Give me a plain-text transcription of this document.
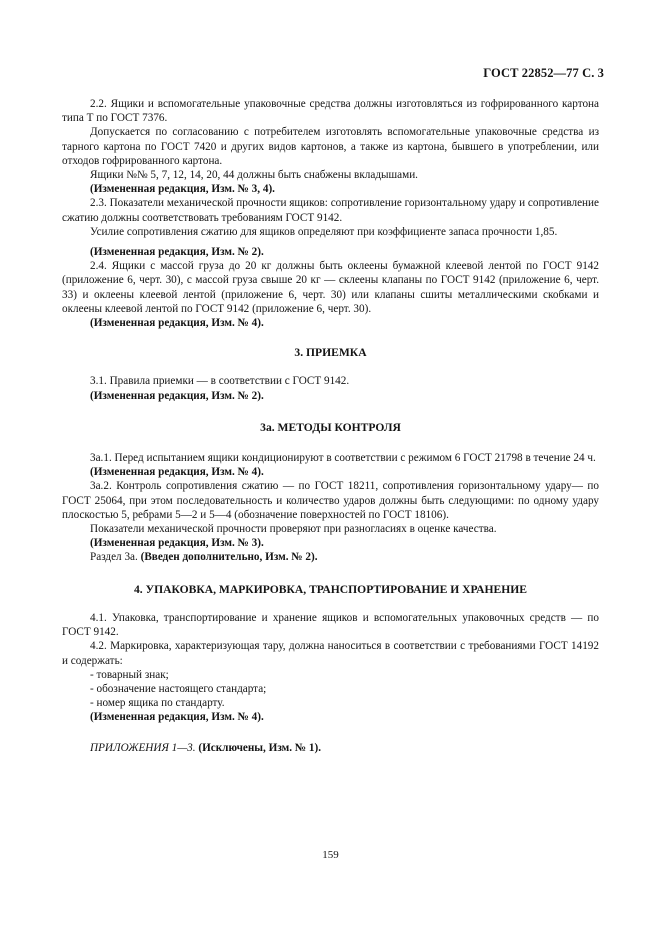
ГОСТ 22852—77 С. 3

2.2. Ящики и вспомогательные упаковочные средства должны изготовляться из гофрированного картона типа Т по ГОСТ 7376.

Допускается по согласованию с потребителем изготовлять вспомогательные упаковочные средства из тарного картона по ГОСТ 7420 и других видов картонов, а также из картона, бывшего в употреблении, или отходов гофрированного картона.

Ящики №№ 5, 7, 12, 14, 20, 44 должны быть снабжены вкладышами.

(Измененная редакция, Изм. № 3, 4).

2.3. Показатели механической прочности ящиков: сопротивление горизонтальному удару и сопротивление сжатию должны соответствовать требованиям ГОСТ 9142.

Усилие сопротивления сжатию для ящиков определяют при коэффициенте запаса прочности 1,85.

(Измененная редакция, Изм. № 2).

2.4. Ящики с массой груза до 20 кг должны быть оклеены бумажной клеевой лентой по ГОСТ 9142 (приложение 6, черт. 30), с массой груза свыше 20 кг — склеены клапаны по ГОСТ 9142 (приложение 6, черт. 33) и оклеены клеевой лентой (приложение 6, черт. 30) или клапаны сшиты металлическими скобками и оклеены клеевой лентой по ГОСТ 9142 (приложение 6, черт. 30).

(Измененная редакция, Изм. № 4).

3. ПРИЕМКА

3.1. Правила приемки — в соответствии с ГОСТ 9142.

(Измененная редакция, Изм. № 2).

3а. МЕТОДЫ КОНТРОЛЯ

3а.1. Перед испытанием ящики кондиционируют в соответствии с режимом 6 ГОСТ 21798 в течение 24 ч.

(Измененная редакция, Изм. № 4).

3а.2. Контроль сопротивления сжатию — по ГОСТ 18211, сопротивления горизонтальному удару— по ГОСТ 25064, при этом последовательность и количество ударов должны быть следующими: по одному удару плоскостью 5, ребрами 5—2 и 5—4 (обозначение поверхностей по ГОСТ 18106).

Показатели механической прочности проверяют при разногласиях в оценке качества.

(Измененная редакция, Изм. № 3).

Раздел 3а. (Введен дополнительно, Изм. № 2).

4. УПАКОВКА, МАРКИРОВКА, ТРАНСПОРТИРОВАНИЕ И ХРАНЕНИЕ

4.1. Упаковка, транспортирование и хранение ящиков и вспомогательных упаковочных средств — по ГОСТ 9142.

4.2. Маркировка, характеризующая тару, должна наноситься в соответствии с требованиями ГОСТ 14192 и содержать:

- товарный знак;

- обозначение настоящего стандарта;

- номер ящика по стандарту.

(Измененная редакция, Изм. № 4).

ПРИЛОЖЕНИЯ 1—3. (Исключены, Изм. № 1).

159
